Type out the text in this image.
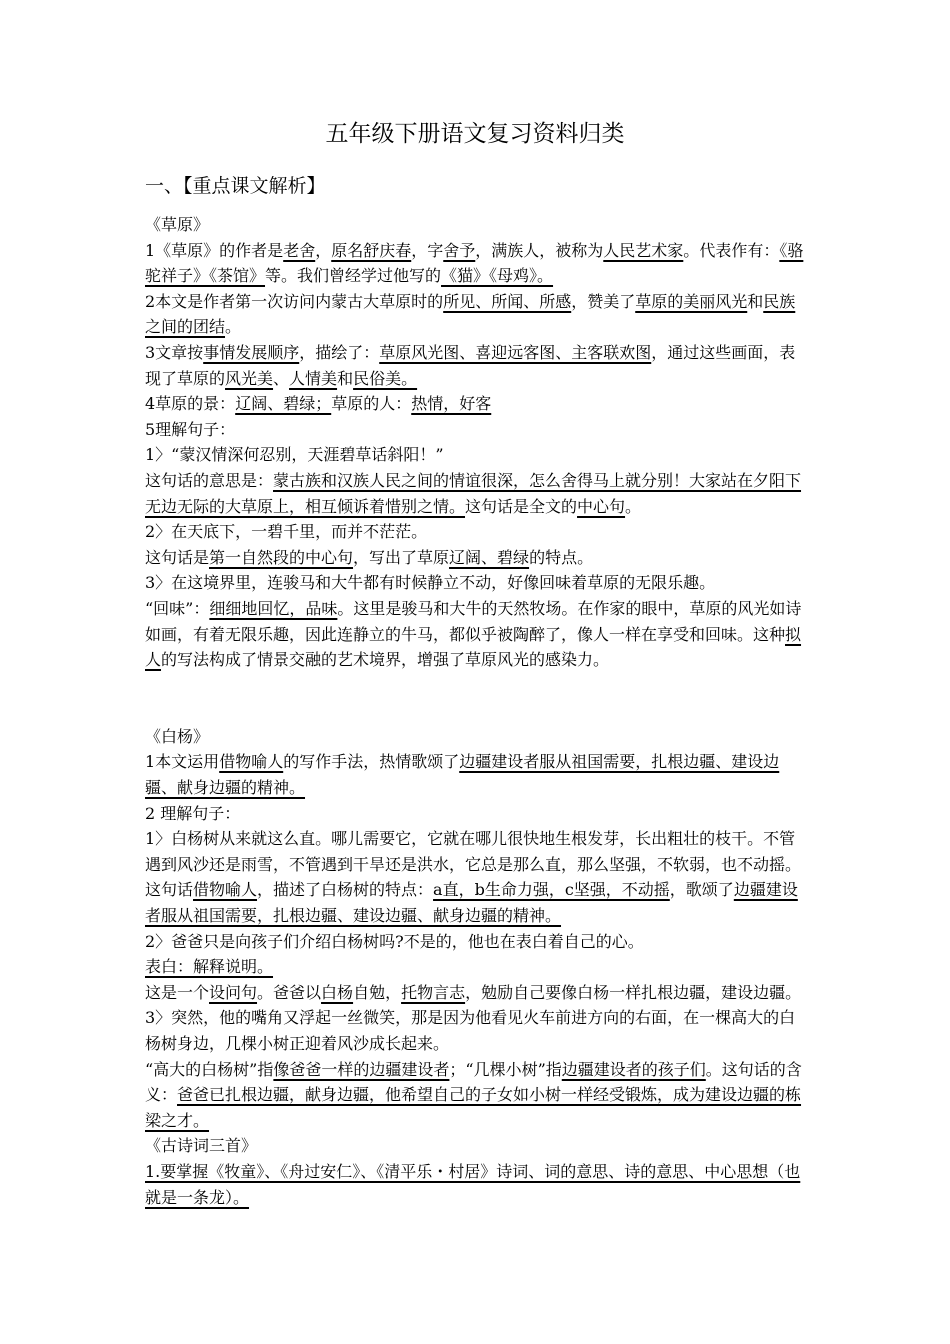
五年级下册语文复习资料归类
一、【重点课文解析】

《草原》

1《草原》的作者是老舍，原名舒庆春，字舍予，满族人，被称为人民艺术家。代表作有：《骆驼祥子》《茶馆》等。我们曾经学过他写的《猫》《母鸡》。

2本文是作者第一次访问内蒙古大草原时的所见、所闻、所感，赞美了草原的美丽风光和民族之间的团结。

3文章按事情发展顺序，描绘了：草原风光图、喜迎远客图、主客联欢图，通过这些画面，表现了草原的风光美、人情美和民俗美。

4草原的景：辽阔、碧绿；草原的人：热情，好客

5理解句子：

1〉“蒙汉情深何忍别，天涯碧草话斜阳！”

这句话的意思是：蒙古族和汉族人民之间的情谊很深，怎么舍得马上就分别！大家站在夕阳下无边无际的大草原上，相互倾诉着惜别之情。这句话是全文的中心句。

2〉在天底下，一碧千里，而并不茫茫。

这句话是第一自然段的中心句，写出了草原辽阔、碧绿的特点。

3〉在这境界里，连骏马和大牛都有时候静立不动，好像回味着草原的无限乐趣。

“回味”：细细地回忆，品味。这里是骏马和大牛的天然牧场。在作家的眼中，草原的风光如诗如画，有着无限乐趣，因此连静立的牛马，都似乎被陶醉了，像人一样在享受和回味。这种拟人的写法构成了情景交融的艺术境界，增强了草原风光的感染力。

《白杨》

1本文运用借物喻人的写作手法，热情歌颂了边疆建设者服从祖国需要，扎根边疆、建设边疆、献身边疆的精神。

2 理解句子：

1〉白杨树从来就这么直。哪儿需要它，它就在哪儿很快地生根发芽，长出粗壮的枝干。不管遇到风沙还是雨雪，不管遇到干旱还是洪水，它总是那么直，那么坚强，不软弱，也不动摇。

这句话借物喻人，描述了白杨树的特点：a直，b生命力强，c坚强，不动摇，歌颂了边疆建设者服从祖国需要，扎根边疆、建设边疆、献身边疆的精神。

2〉爸爸只是向孩子们介绍白杨树吗?不是的，他也在表白着自己的心。

表白：解释说明。

这是一个设问句。爸爸以白杨自勉，托物言志，勉励自己要像白杨一样扎根边疆，建设边疆。

3〉突然，他的嘴角又浮起一丝微笑，那是因为他看见火车前进方向的右面，在一棵高大的白杨树身边，几棵小树正迎着风沙成长起来。

“高大的白杨树”指像爸爸一样的边疆建设者；“几棵小树”指边疆建设者的孩子们。这句话的含义：爸爸已扎根边疆，献身边疆，他希望自己的子女如小树一样经受锻炼，成为建设边疆的栋梁之才。

《古诗词三首》

1.要掌握《牧童》、《舟过安仁》、《清平乐・村居》诗词、词的意思、诗的意思、中心思想（也就是一条龙）。
